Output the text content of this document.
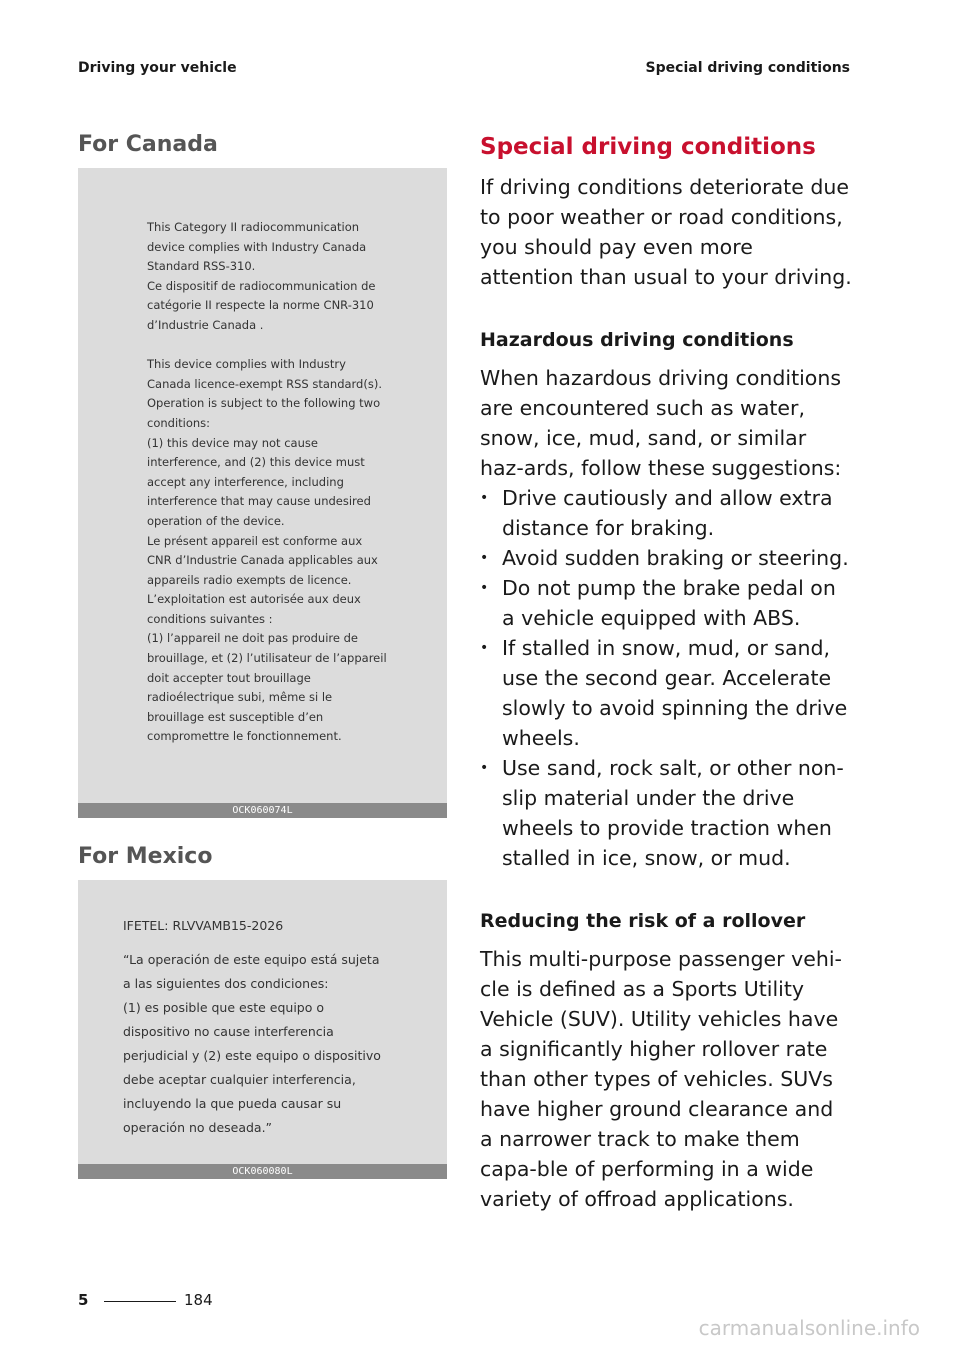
Driving your vehicle	Special driving conditions
For Canada

This Category II radiocommunication

device complies with Industry Canada

Standard RSS-310.

Ce dispositif de radiocommunication de

catégorie II respecte la norme CNR-310

d’Industrie Canada .

This device complies with Industry

Canada licence-exempt RSS standard(s).

Operation is subject to the following two

conditions:

(1) this device may not cause

interference, and (2) this device must

accept any interference, including

interference that may cause undesired

operation of the device.

Le présent appareil est conforme aux

CNR d’Industrie Canada applicables aux

appareils radio exempts de licence.

L’exploitation est autorisée aux deux

conditions suivantes :

(1) l’appareil ne doit pas produire de

brouillage, et (2) l’utilisateur de l’appareil

doit accepter tout brouillage

radioélectrique subi, même si le

brouillage est susceptible d’en

compromettre le fonctionnement.

OCK060074L
For Mexico

IFETEL: RLVVAMB15-2026

“La operación de este equipo está sujeta

a las siguientes dos condiciones:

(1) es posible que este equipo o

dispositivo no cause interferencia

perjudicial y (2) este equipo o dispositivo

debe aceptar cualquier interferencia,

incluyendo la que pueda causar su

operación no deseada.”

OCK060080L
Special driving conditions

If driving conditions deteriorate due to poor weather or road conditions, you should pay even more attention than usual to your driving.

Hazardous driving conditions

When hazardous driving conditions are encountered such as water, snow, ice, mud, sand, or similar haz-ards, follow these suggestions:

• Drive cautiously and allow extra distance for braking.
• Avoid sudden braking or steering.
• Do not pump the brake pedal on a vehicle equipped with ABS.
• If stalled in snow, mud, or sand, use the second gear. Accelerate slowly to avoid spinning the drive wheels.
• Use sand, rock salt, or other non-slip material under the drive wheels to provide traction when stalled in ice, snow, or mud.
Reducing the risk of a rollover

This multi-purpose passenger vehi-cle is defined as a Sports Utility Vehicle (SUV). Utility vehicles have a significantly higher rollover rate than other types of vehicles. SUVs have higher ground clearance and a narrower track to make them capa-ble of performing in a wide variety of offroad applications.

5	184
carmanualsonline.info
